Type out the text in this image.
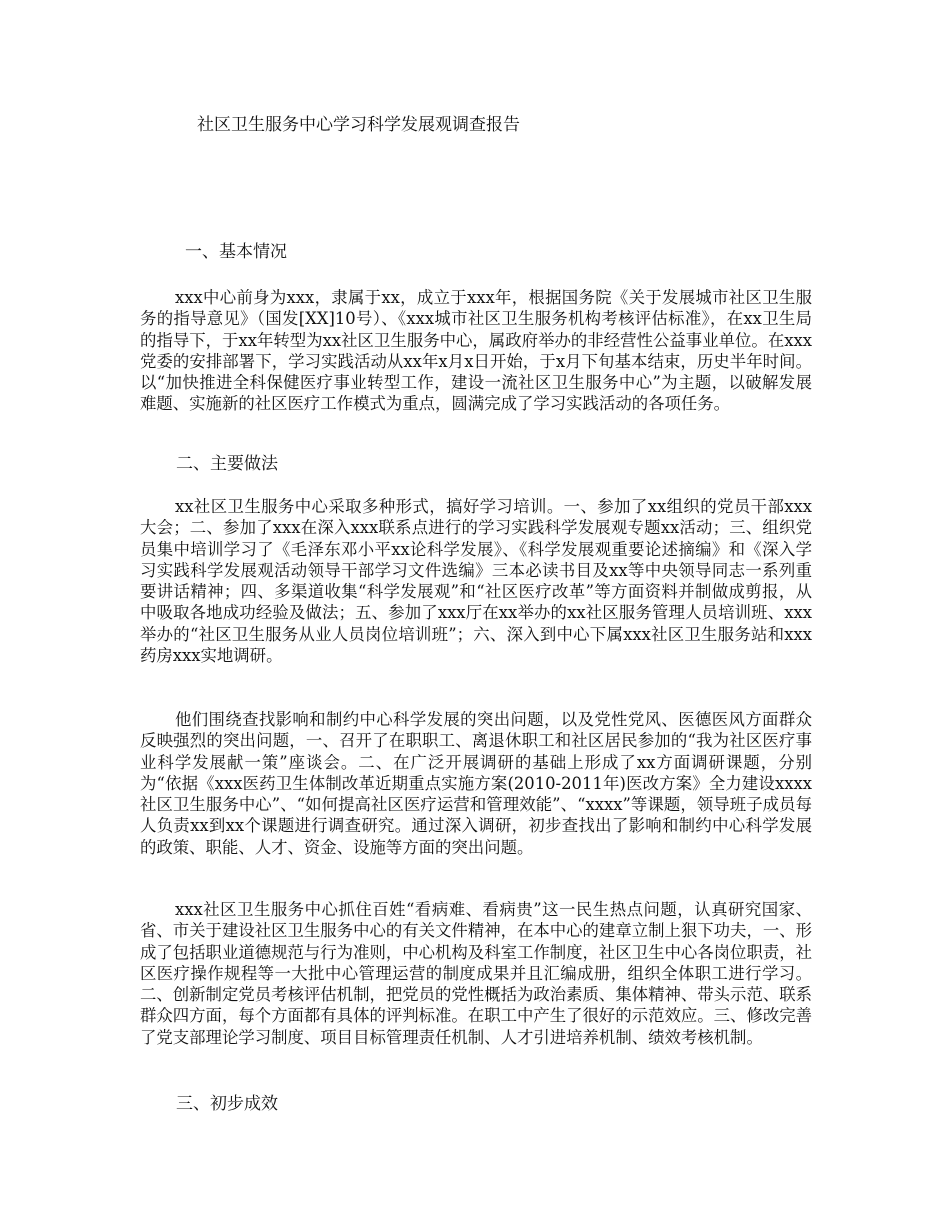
社区卫生服务中心学习科学发展观调查报告
一、基本情况

xxx中心前身为xxx，隶属于xx，成立于xxx年，根据国务院《关于发展城市社区卫生服务的指导意见》（国发[XX]10号）、《xxx城市社区卫生服务机构考核评估标准》，在xx卫生局的指导下，于xx年转型为xx社区卫生服务中心，属政府举办的非经营性公益事业单位。在xxx党委的安排部署下，学习实践活动从xx年x月x日开始，于x月下旬基本结束，历史半年时间。以“加快推进全科保健医疗事业转型工作，建设一流社区卫生服务中心”为主题，以破解发展难题、实施新的社区医疗工作模式为重点，圆满完成了学习实践活动的各项任务。

二、主要做法

xx社区卫生服务中心采取多种形式，搞好学习培训。一、参加了xx组织的党员干部xxx大会；二、参加了xxx在深入xxx联系点进行的学习实践科学发展观专题xx活动；三、组织党员集中培训学习了《毛泽东邓小平xx论科学发展》、《科学发展观重要论述摘编》和《深入学习实践科学发展观活动领导干部学习文件选编》三本必读书目及xx等中央领导同志一系列重要讲话精神；四、多渠道收集“科学发展观”和“社区医疗改革”等方面资料并制做成剪报，从中吸取各地成功经验及做法；五、参加了xxx厅在xx举办的xx社区服务管理人员培训班、xxx举办的“社区卫生服务从业人员岗位培训班”；六、深入到中心下属xxx社区卫生服务站和xxx药房xxx实地调研。

他们围绕查找影响和制约中心科学发展的突出问题，以及党性党风、医德医风方面群众反映强烈的突出问题，一、召开了在职职工、离退休职工和社区居民参加的“我为社区医疗事业科学发展献一策”座谈会。二、在广泛开展调研的基础上形成了xx方面调研课题，分别为“依据《xxx医药卫生体制改革近期重点实施方案(2010-2011年)医改方案》全力建设xxxx社区卫生服务中心”、“如何提高社区医疗运营和管理效能”、“xxxx”等课题，领导班子成员每人负责xx到xx个课题进行调查研究。通过深入调研，初步查找出了影响和制约中心科学发展的政策、职能、人才、资金、设施等方面的突出问题。

xxx社区卫生服务中心抓住百姓“看病难、看病贵”这一民生热点问题，认真研究国家、省、市关于建设社区卫生服务中心的有关文件精神，在本中心的建章立制上狠下功夫，一、形成了包括职业道德规范与行为准则，中心机构及科室工作制度，社区卫生中心各岗位职责，社区医疗操作规程等一大批中心管理运营的制度成果并且汇编成册，组织全体职工进行学习。二、创新制定党员考核评估机制，把党员的党性概括为政治素质、集体精神、带头示范、联系群众四方面，每个方面都有具体的评判标准。在职工中产生了很好的示范效应。三、修改完善了党支部理论学习制度、项目目标管理责任机制、人才引进培养机制、绩效考核机制。

三、初步成效
